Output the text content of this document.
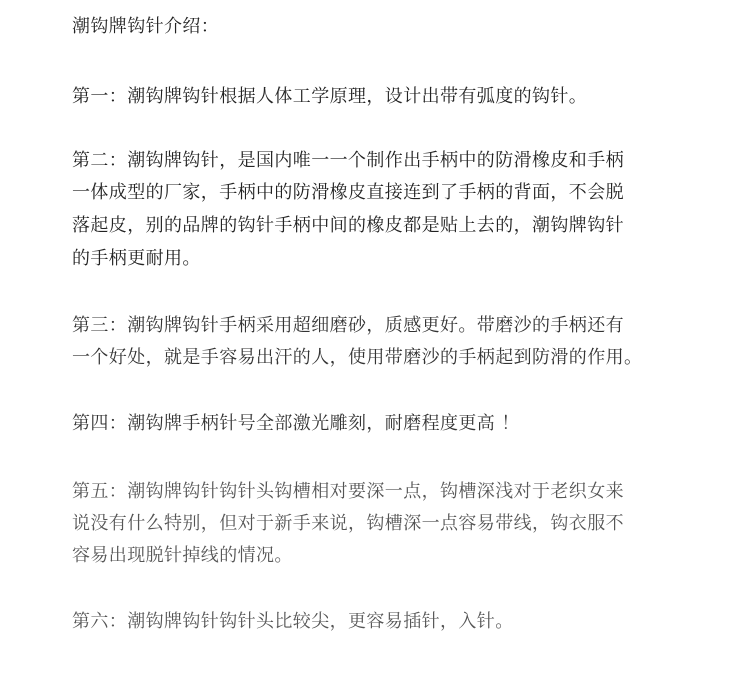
潮钩牌钩针介绍：
第一：潮钩牌钩针根据人体工学原理，设计出带有弧度的钩针。
第二：潮钩牌钩针，是国内唯一一个制作出手柄中的防滑橡皮和手柄
一体成型的厂家，手柄中的防滑橡皮直接连到了手柄的背面，不会脱
落起皮，别的品牌的钩针手柄中间的橡皮都是贴上去的，潮钩牌钩针
的手柄更耐用。
第三：潮钩牌钩针手柄采用超细磨砂，质感更好。带磨沙的手柄还有
一个好处，就是手容易出汗的人，使用带磨沙的手柄起到防滑的作用。
第四：潮钩牌手柄针号全部激光雕刻，耐磨程度更高 ！
第五：潮钩牌钩针钩针头钩槽相对要深一点，钩槽深浅对于老织女来
说没有什么特别，但对于新手来说，钩槽深一点容易带线，钩衣服不
容易出现脱针掉线的情况。
第六：潮钩牌钩针钩针头比较尖，更容易插针，入针。
